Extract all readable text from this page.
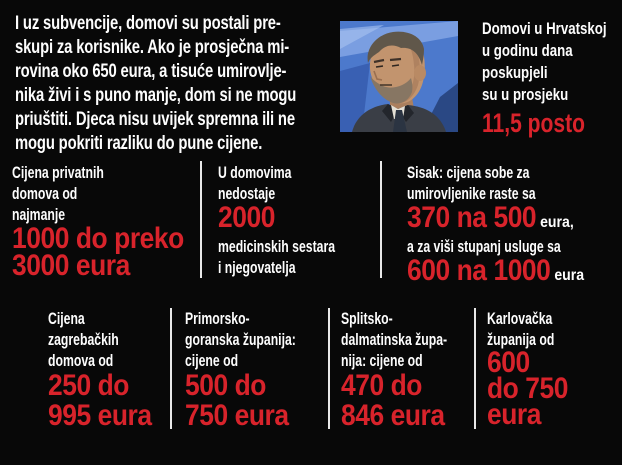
I uz subvencije, domovi su postali pre-
skupi za korisnike. Ako je prosječna mi-
rovina oko 650 eura, a tisuće umirovlje-
nika živi i s puno manje, dom si ne mogu
priuštiti. Djeca nisu uvijek spremna ili ne
mogu pokriti razliku do pune cijene.
Domovi u Hrvatskoj
u godinu dana
poskupjeli
su u prosjeku
11,5 posto
Cijena privatnih
domova od
najmanje
1000 do preko
3000 eura
U domovima
nedostaje
2000
medicinskih sestara
i njegovatelja
Sisak: cijena sobe za
umirovljenike raste sa
370 na 500 eura,
a za viši stupanj usluge sa
600 na 1000 eura
Cijena
zagrebačkih
domova od
250 do
995 eura
Primorsko-
goranska županija:
cijene od
500 do
750 eura
Splitsko-
dalmatinska župa-
nija: cijene od
470 do
846 eura
Karlovačka
županija od
600
do 750
eura
